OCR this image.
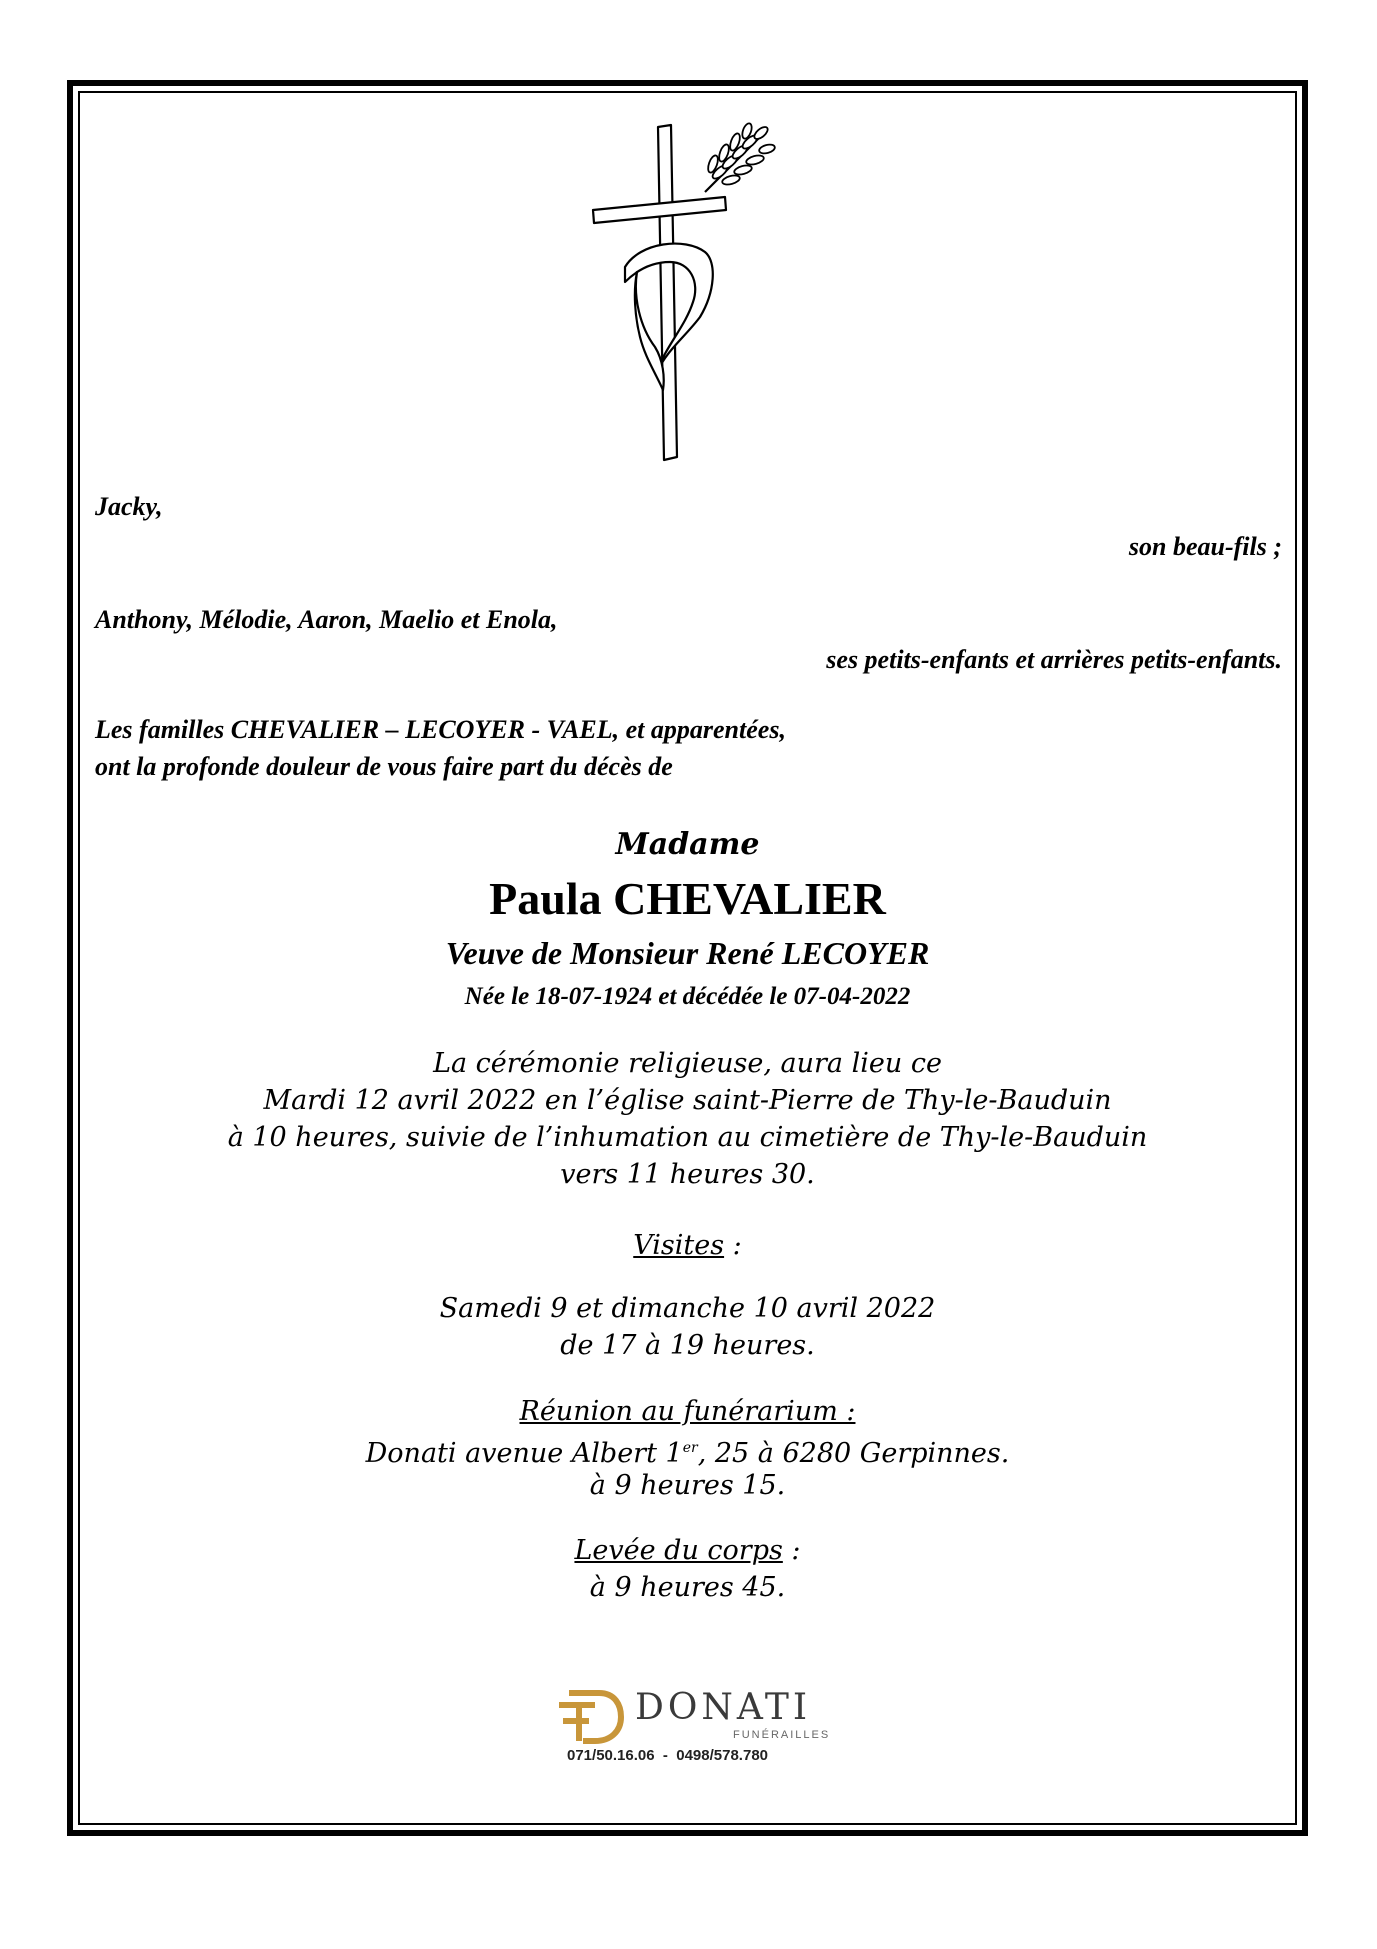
Jacky,
son beau-fils ;
Anthony, Mélodie, Aaron, Maelio et Enola,
ses petits-enfants et arrières petits-enfants.
Les familles CHEVALIER – LECOYER - VAEL, et apparentées,
ont la profonde douleur de vous faire part du décès de
Madame
Paula CHEVALIER
Veuve de Monsieur René LECOYER
Née le 18-07-1924 et décédée le 07-04-2022
La cérémonie religieuse, aura lieu ce
Mardi 12 avril 2022 en l’église saint-Pierre de Thy-le-Bauduin
à 10 heures, suivie de l’inhumation au cimetière de Thy-le-Bauduin
vers 11 heures 30.
Visites :
Samedi 9 et dimanche 10 avril 2022
de 17 à 19 heures.
Réunion au funérarium :
Donati avenue Albert 1er, 25 à 6280 Gerpinnes.
à 9 heures 15.
Levée du corps :
à 9 heures 45.
DONATI
FUNÉRAILLES
071/50.16.06  -  0498/578.780
